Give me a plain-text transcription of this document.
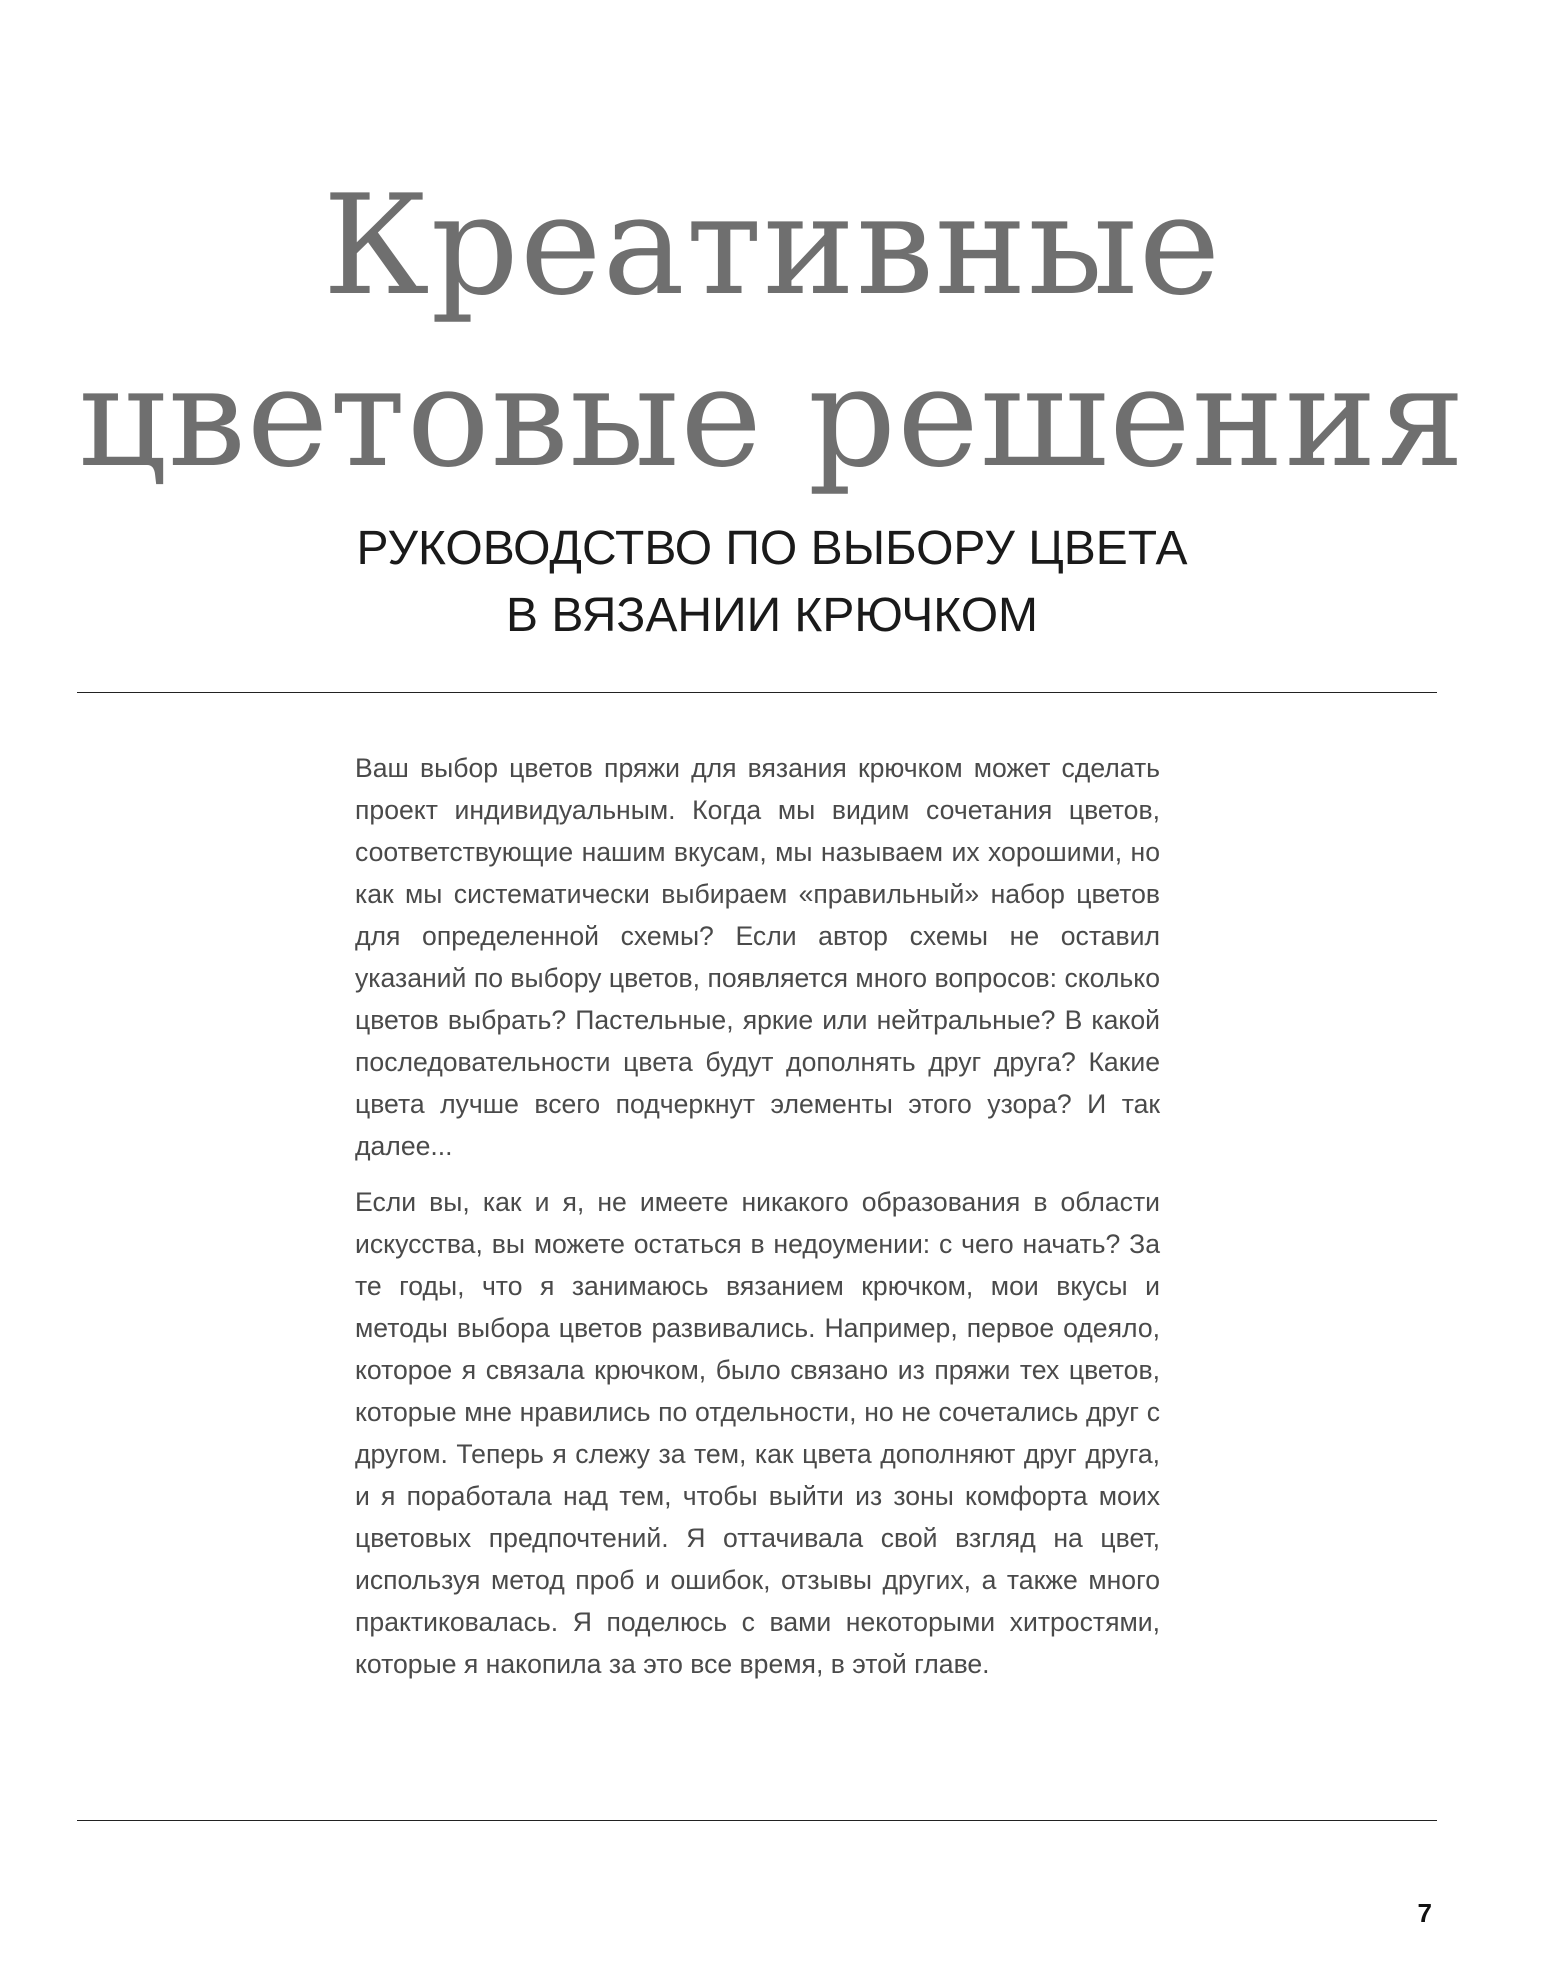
Креативные
цветовые решения
РУКОВОДСТВО ПО ВЫБОРУ ЦВЕТА
В ВЯЗАНИИ КРЮЧКОМ

Ваш выбор цветов пряжи для вязания крючком может сделать проект индивидуальным. Когда мы видим сочетания цветов, соответствующие нашим вкусам, мы называем их хорошими, но как мы систематически выбираем «правильный» набор цветов для определенной схемы? Если автор схемы не оставил указаний по выбору цветов, появляется много вопросов: сколько цветов выбрать? Пастельные, яркие или нейтральные? В какой последовательности цвета будут дополнять друг друга? Какие цвета лучше всего подчеркнут элементы этого узора? И так далее...

Если вы, как и я, не имеете никакого образования в области искусства, вы можете остаться в недоумении: с чего начать? За те годы, что я занимаюсь вязанием крючком, мои вкусы и методы выбора цветов развивались. Например, первое одеяло, которое я связала крючком, было связано из пряжи тех цветов, которые мне нравились по отдельности, но не сочетались друг с другом. Теперь я слежу за тем, как цвета дополняют друг друга, и я поработала над тем, чтобы выйти из зоны комфорта моих цветовых предпочтений. Я оттачивала свой взгляд на цвет, используя метод проб и ошибок, отзывы других, а также много практиковалась. Я поделюсь с вами некоторыми хитростями, которые я накопила за это все время, в этой главе.

7
